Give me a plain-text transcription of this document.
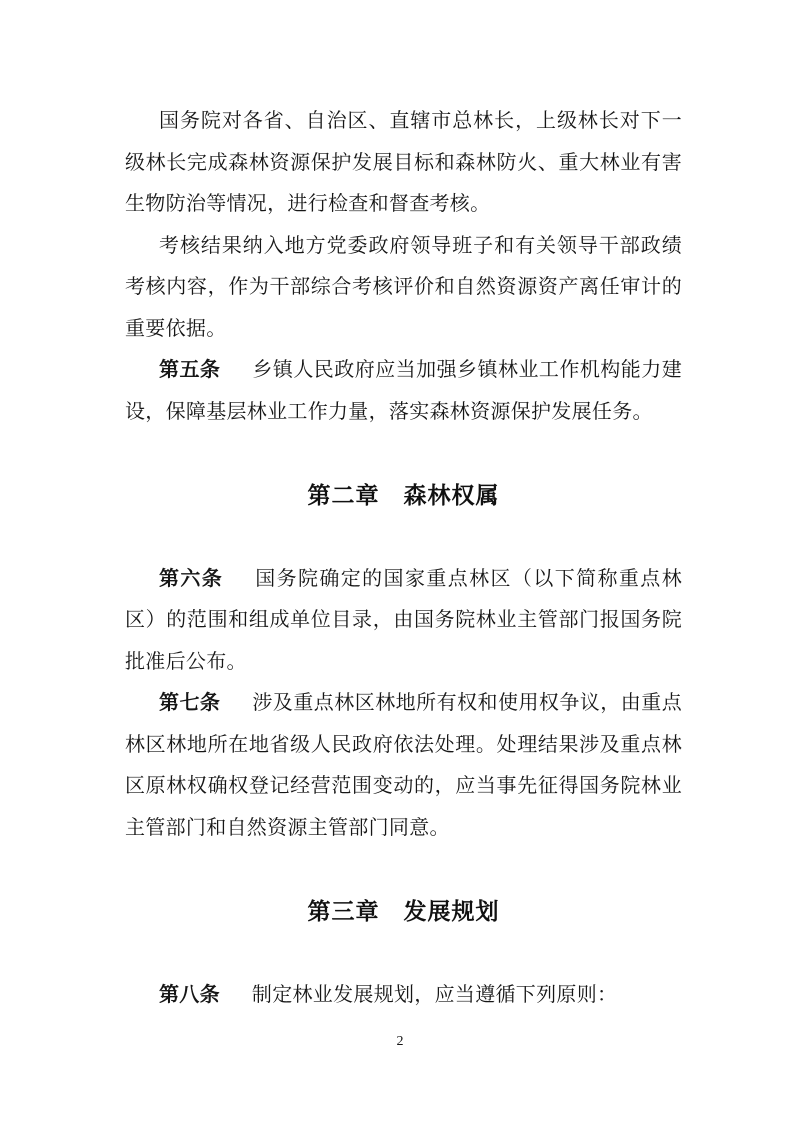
国务院对各省、自治区、直辖市总林长，上级林长对下一级林长完成森林资源保护发展目标和森林防火、重大林业有害生物防治等情况，进行检查和督查考核。

考核结果纳入地方党委政府领导班子和有关领导干部政绩考核内容，作为干部综合考核评价和自然资源资产离任审计的重要依据。

第五条 乡镇人民政府应当加强乡镇林业工作机构能力建设，保障基层林业工作力量，落实森林资源保护发展任务。

第二章　森林权属

第六条 国务院确定的国家重点林区（以下简称重点林区）的范围和组成单位目录，由国务院林业主管部门报国务院批准后公布。

第七条 涉及重点林区林地所有权和使用权争议，由重点林区林地所在地省级人民政府依法处理。处理结果涉及重点林区原林权确权登记经营范围变动的，应当事先征得国务院林业主管部门和自然资源主管部门同意。

第三章　发展规划

第八条 制定林业发展规划，应当遵循下列原则：

2
